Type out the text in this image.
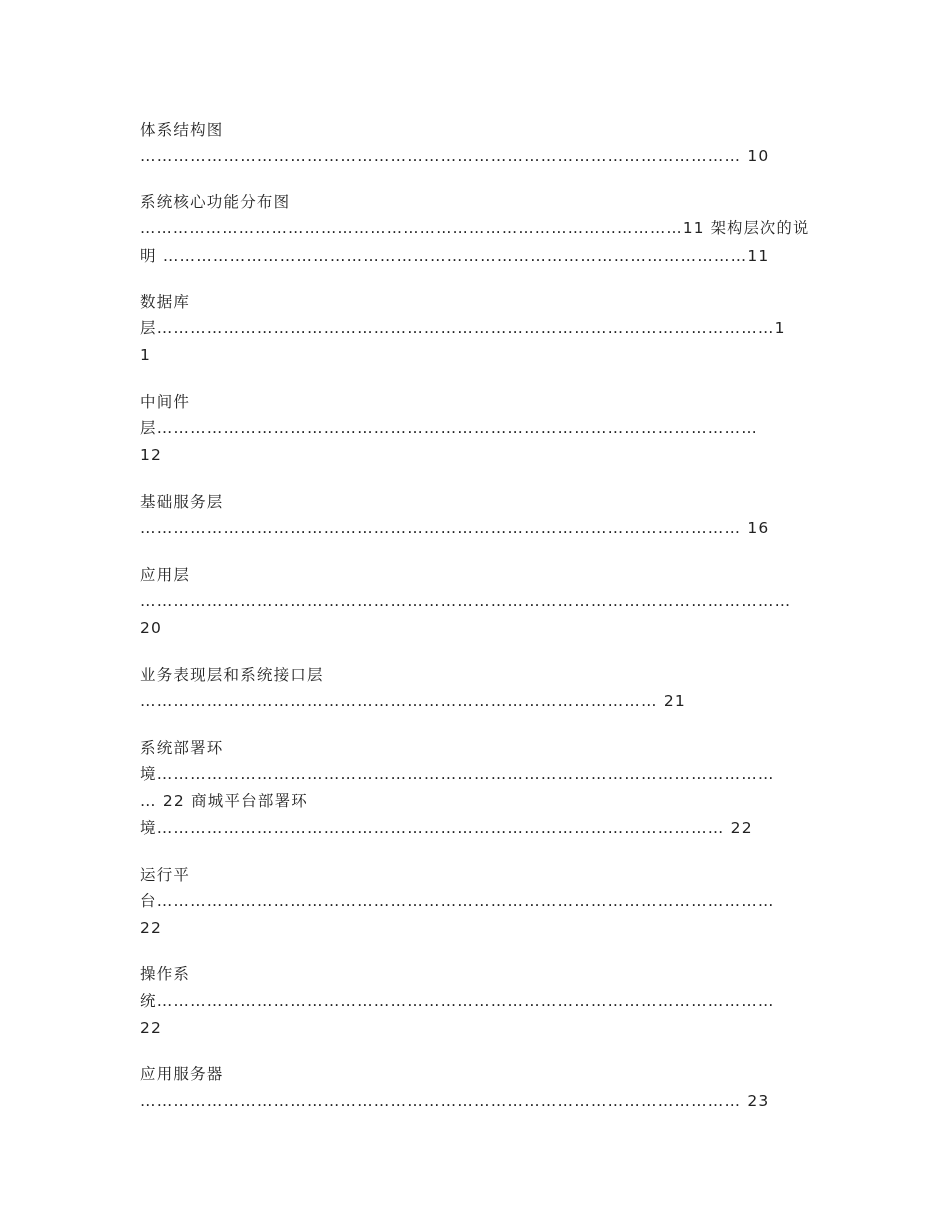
体系结构图
……………………………………………………………………………………………… 10
系统核心功能分布图
………………………………………………………………………………………11 架构层次的说
明 ……………………………………………………………………………………………11
数据库
层…………………………………………………………………………………………………1
1
中间件
层………………………………………………………………………………………………
12
基础服务层
……………………………………………………………………………………………… 16
应用层
………………………………………………………………………………………………………
20
业务表现层和系统接口层
………………………………………………………………………………… 21
系统部署环
境…………………………………………………………………………………………………
… 22 商城平台部署环
境………………………………………………………………………………………… 22
运行平
台…………………………………………………………………………………………………
22
操作系
统…………………………………………………………………………………………………
22
应用服务器
……………………………………………………………………………………………… 23
